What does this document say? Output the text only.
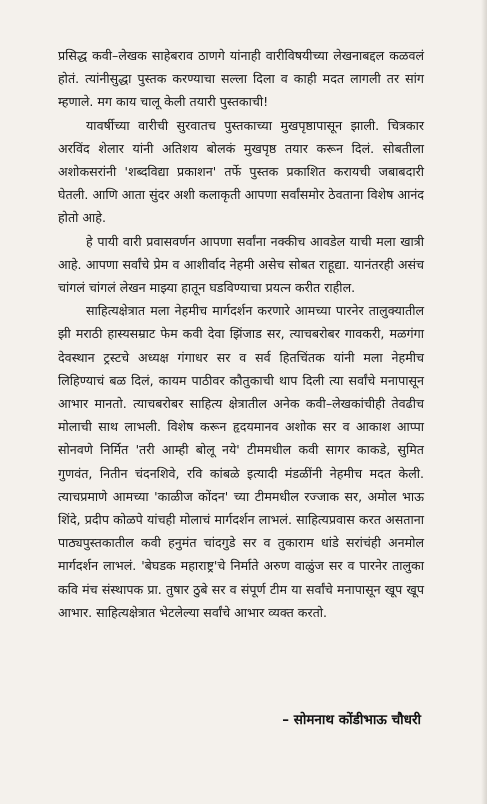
प्रसिद्ध कवी–लेखक साहेबराव ठाणगे यांनाही वारीविषयीच्या लेखनाबद्दल कळवलं होतं. त्यांनीसुद्धा पुस्तक करण्याचा सल्ला दिला व काही मदत लागली तर सांग म्हणाले. मग काय चालू केली तयारी पुस्तकाची!

यावर्षीच्या वारीची सुरवातच पुस्तकाच्या मुखपृष्ठापासून झाली. चित्रकार अरविंद शेलार यांनी अतिशय बोलकं मुखपृष्ठ तयार करून दिलं. सोबतीला अशोकसरांनी 'शब्दविद्या प्रकाशन' तर्फे पुस्तक प्रकाशित करायची जबाबदारी घेतली. आणि आता सुंदर अशी कलाकृती आपणा सर्वांसमोर ठेवताना विशेष आनंद होतो आहे.

हे पायी वारी प्रवासवर्णन आपणा सर्वांना नक्कीच आवडेल याची मला खात्री आहे. आपणा सर्वांचे प्रेम व आशीर्वाद नेहमी असेच सोबत राहूद्या. यानंतरही असंच चांगलं चांगलं लेखन माझ्या हातून घडविण्याचा प्रयत्न करीत राहील.

साहित्यक्षेत्रात मला नेहमीच मार्गदर्शन करणारे आमच्या पारनेर तालुक्यातील झी मराठी हास्यसम्राट फेम कवी देवा झिंजाड सर, त्याचबरोबर गावकरी, मळगंगा देवस्थान ट्रस्टचे अध्यक्ष गंगाधर सर व सर्व हितचिंतक यांनी मला नेहमीच लिहिण्याचं बळ दिलं, कायम पाठीवर कौतुकाची थाप दिली त्या सर्वांचे मनापासून आभार मानतो. त्याचबरोबर साहित्य क्षेत्रातील अनेक कवी–लेखकांचीही तेवढीच मोलाची साथ लाभली. विशेष करून हृदयमानव अशोक सर व आकाश आप्पा सोनवणे निर्मित 'तरी आम्ही बोलू नये' टीममधील कवी सागर काकडे, सुमित गुणवंत, नितीन चंदनशिवे, रवि कांबळे इत्यादी मंडळींनी नेहमीच मदत केली. त्याचप्रमाणे आमच्या 'काळीज कोंदन' च्या टीममधील रज्जाक सर, अमोल भाऊ शिंदे, प्रदीप कोळपे यांचही मोलाचं मार्गदर्शन लाभलं. साहित्यप्रवास करत असताना पाठ्यपुस्तकातील कवी हनुमंत चांदगुडे सर व तुकाराम धांडे सरांचंही अनमोल मार्गदर्शन लाभलं. 'बेघडक महाराष्ट्र'चे निर्माते अरुण वाळुंज सर व पारनेर तालुका कवि मंच संस्थापक प्रा. तुषार ठुबे सर व संपूर्ण टीम या सर्वांचे मनापासून खूप खूप आभार. साहित्यक्षेत्रात भेटलेल्या सर्वांचे आभार व्यक्त करतो.

– सोमनाथ कोंडीभाऊ चौधरी
